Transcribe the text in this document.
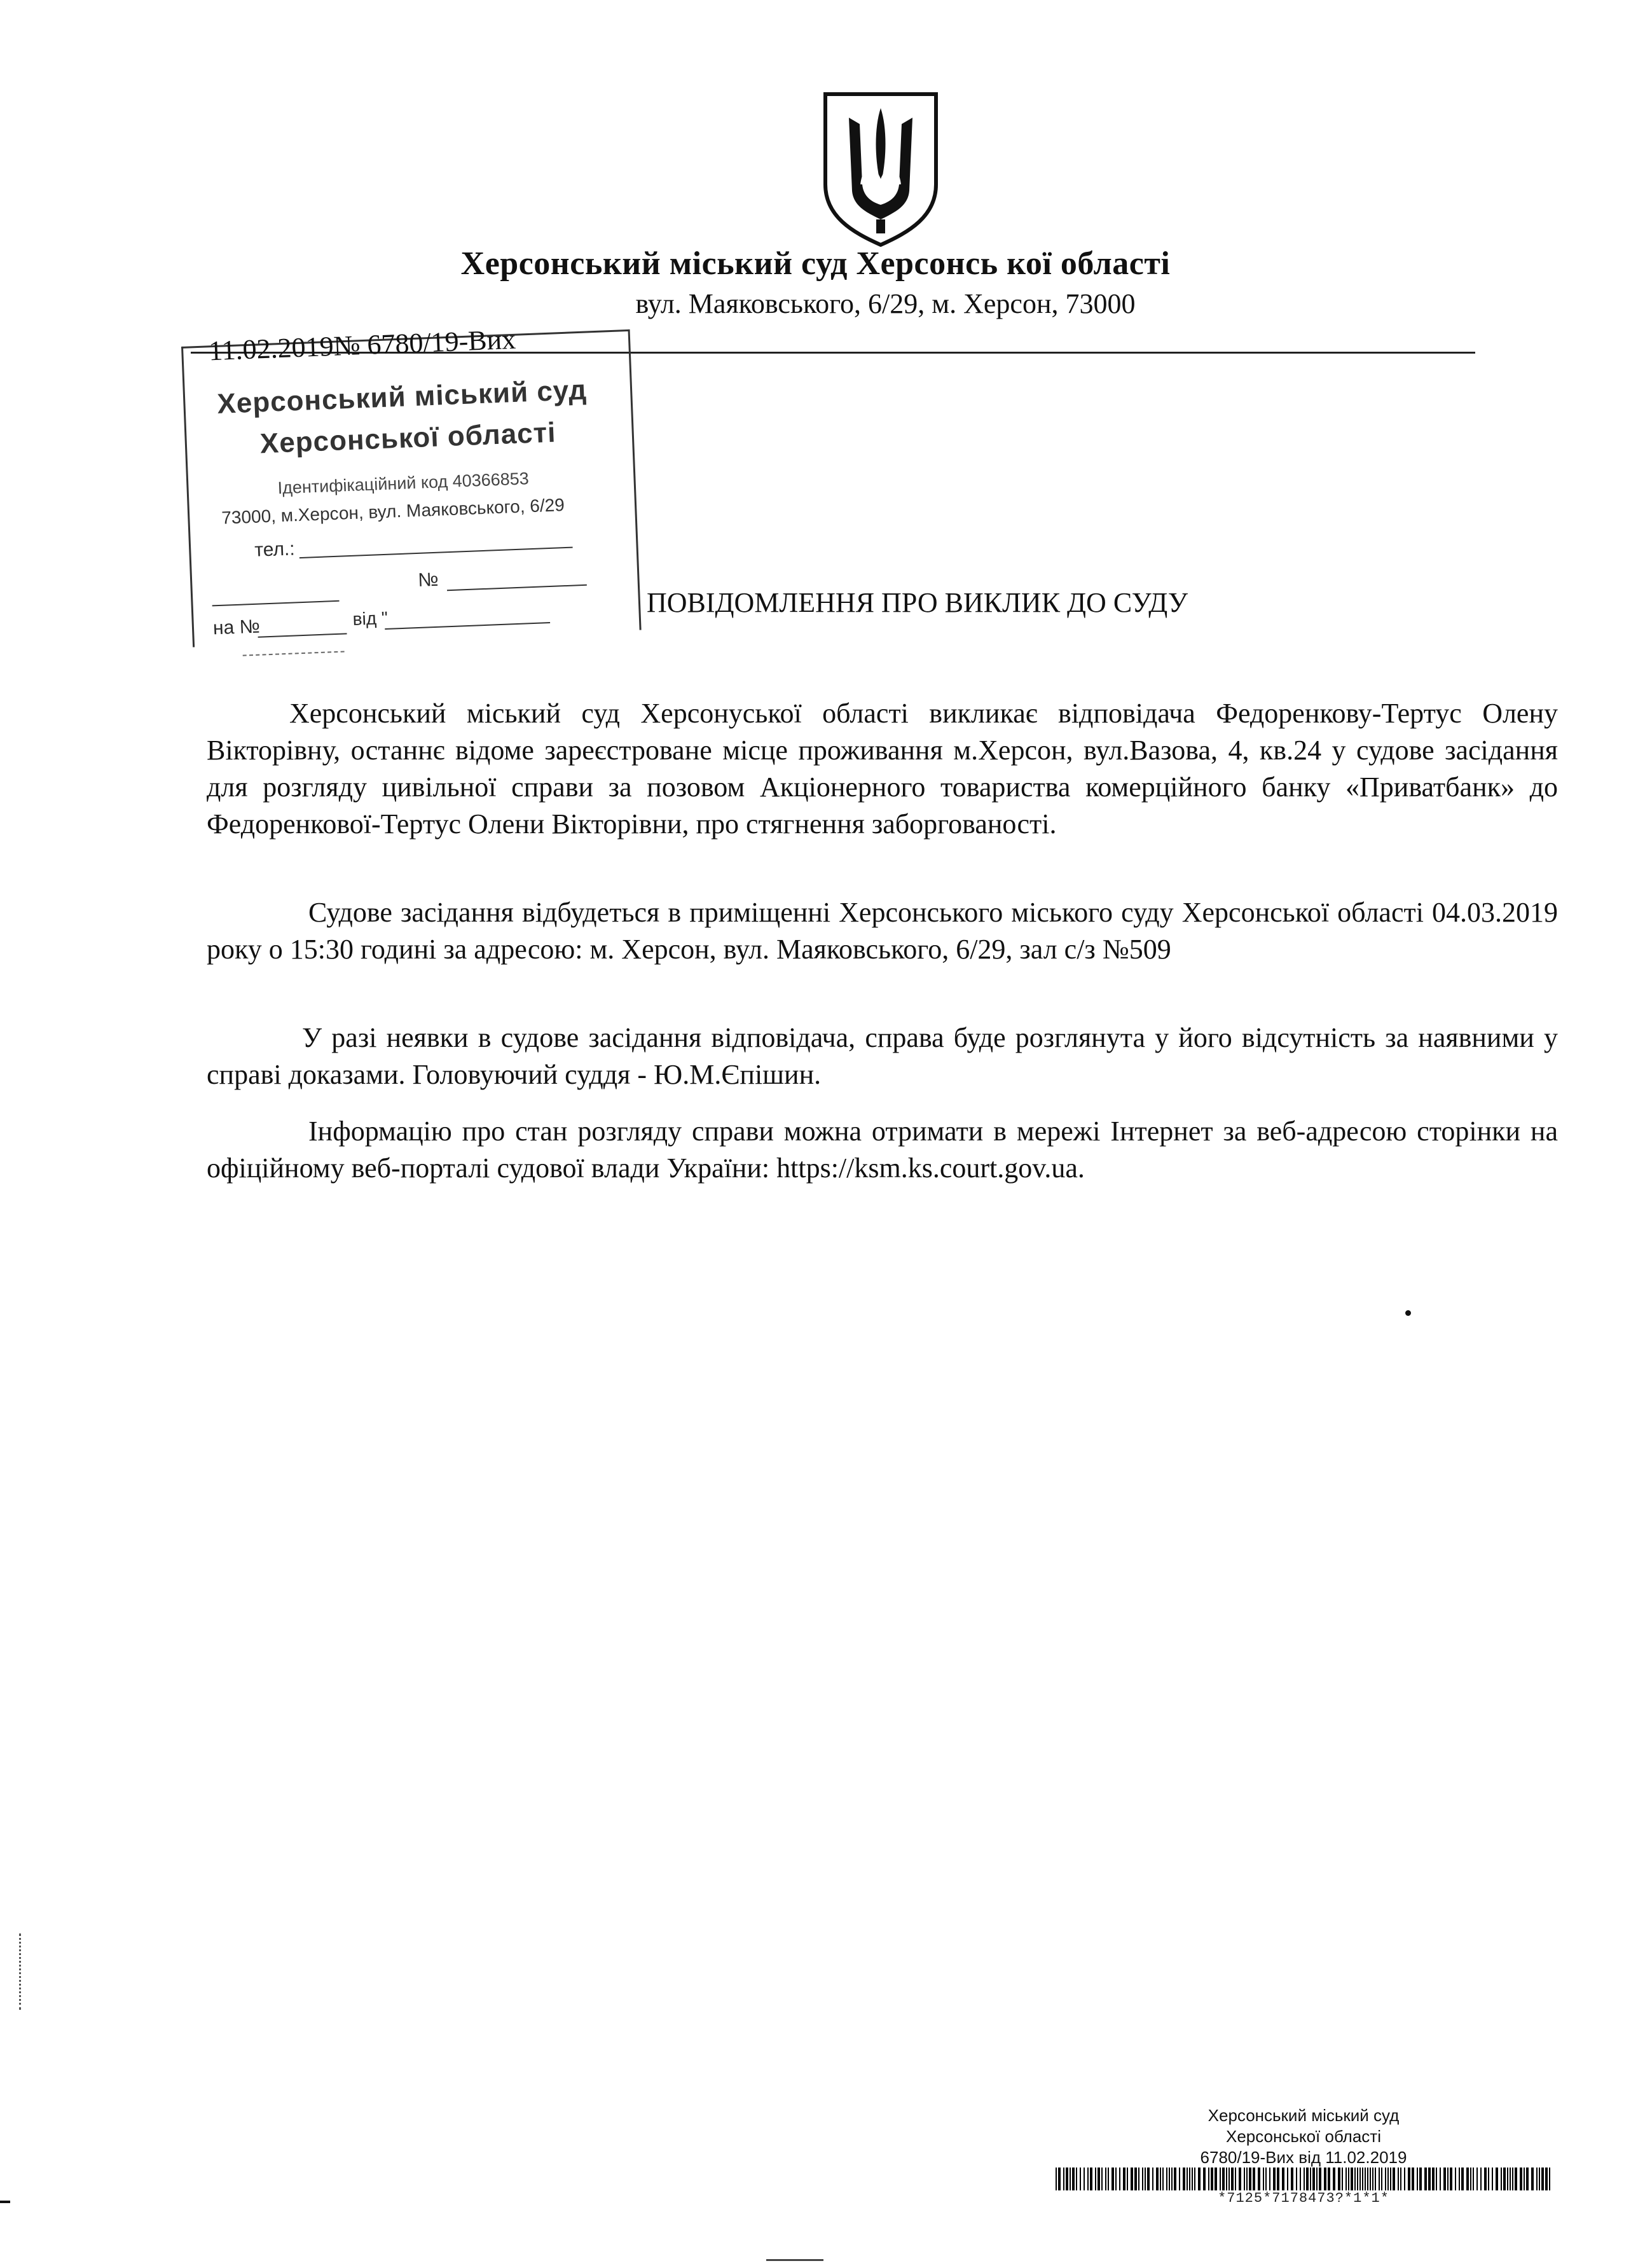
Херсонський міський суд Херсонсь кої області
вул. Маяковського, 6/29, м. Херсон, 73000
11.02.2019№ 6780/19-Вих
Херсонський міський суд
Херсонської області
Ідентифікаційний код 40366853
73000, м.Херсон, вул. Маяковського, 6/29
тел.:
№
на №	від "
ПОВІДОМЛЕННЯ ПРО ВИКЛИК ДО СУДУ
Херсонський міський суд Херсонуської області викликає відповідача Федоренкову-Тертус Олену Вікторівну, останнє відоме зареєстроване місце проживання м.Херсон, вул.Вазова, 4, кв.24 у судове засідання для розгляду цивільної справи за позовом Акціонерного товариства комерційного банку «Приватбанк» до Федоренкової-Тертус Олени Вікторівни, про стягнення заборгованості.
Судове засідання відбудеться в приміщенні Херсонського міського суду Херсонської області 04.03.2019 року о 15:30 годині за адресою: м. Херсон, вул. Маяковського, 6/29, зал с/з №509
У разі неявки в судове засідання відповідача, справа буде розглянута у його відсутність за наявними у справі доказами. Головуючий суддя - Ю.М.Єпішин.
Інформацію про стан розгляду справи можна отримати в мережі Інтернет за веб-адресою сторінки на офіційному веб-порталі судової влади України: https://ksm.ks.court.gov.ua.
Херсонський міський суд
Херсонської області
6780/19-Вих від 11.02.2019
*7125*7178473?*1*1*
